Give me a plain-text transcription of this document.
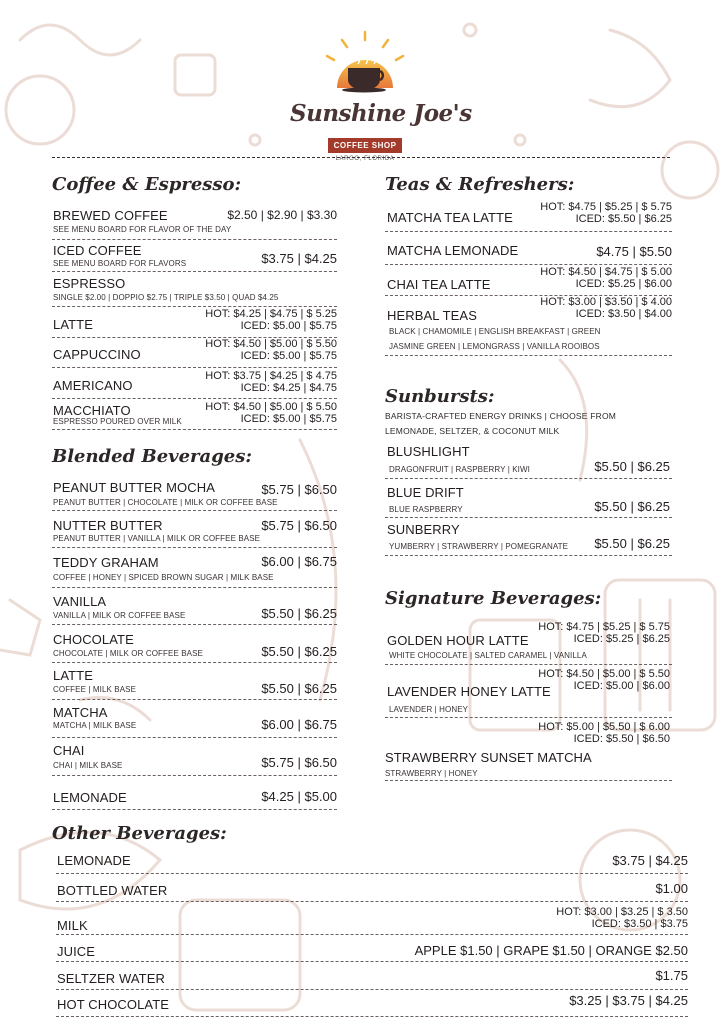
Sunshine Joe's
COFFEE SHOP
LARGO, FLORIDA
Coffee & Espresso:
BREWED COFFEE
SEE MENU BOARD FOR FLAVOR OF THE DAY
$2.50 | $2.90 | $3.30
ICED COFFEE
SEE MENU BOARD FOR FLAVORS	$3.75 | $4.25
ESPRESSO
SINGLE $2.00 | DOPPIO $2.75 | TRIPLE $3.50 | QUAD $4.25
LATTE
HOT: $4.25 | $4.75 | $ 5.25
ICED: $5.00 | $5.75
CAPPUCCINO
HOT: $4.50 | $5.00 | $ 5.50
ICED: $5.00 | $5.75
AMERICANO
HOT: $3.75 | $4.25 | $ 4.75
ICED: $4.25 | $4.75
MACCHIATO
ESPRESSO POURED OVER MILK
HOT: $4.50 | $5.00 | $ 5.50
ICED: $5.00 | $5.75
Blended Beverages:
PEANUT BUTTER MOCHA
PEANUT BUTTER | CHOCOLATE | MILK OR COFFEE BASE
$5.75 | $6.50
NUTTER BUTTER
PEANUT BUTTER | VANILLA | MILK OR COFFEE BASE
$5.75 | $6.50
TEDDY GRAHAM
COFFEE | HONEY | SPICED BROWN SUGAR | MILK BASE
$6.00 | $6.75
VANILLA
VANILLA | MILK OR COFFEE BASE	$5.50 | $6.25
CHOCOLATE
CHOCOLATE | MILK OR COFFEE BASE	$5.50 | $6.25
LATTE
COFFEE | MILK BASE	$5.50 | $6.25
MATCHA
MATCHA | MILK BASE	$6.00 | $6.75
CHAI
CHAI | MILK BASE	$5.75 | $6.50
LEMONADE	$4.25 | $5.00
Teas & Refreshers:
MATCHA TEA LATTE
HOT: $4.75 | $5.25 | $ 5.75
ICED: $5.50 | $6.25
MATCHA LEMONADE	$4.75 | $5.50
CHAI TEA LATTE
HOT: $4.50 | $4.75 | $ 5.00
ICED: $5.25 | $6.00
HERBAL TEAS
HOT: $3.00 | $3.50 | $ 4.00
ICED: $3.50 | $4.00
BLACK | CHAMOMILE | ENGLISH BREAKFAST | GREEN
JASMINE GREEN | LEMONGRASS | VANILLA ROOIBOS
Sunbursts:
BARISTA-CRAFTED ENERGY DRINKS | CHOOSE FROM
LEMONADE, SELTZER, & COCONUT MILK
BLUSHLIGHT
DRAGONFRUIT | RASPBERRY | KIWI	$5.50 | $6.25
BLUE DRIFT
BLUE RASPBERRY	$5.50 | $6.25
SUNBERRY
YUMBERRY | STRAWBERRY | POMEGRANATE $5.50 | $6.25
Signature Beverages:
GOLDEN HOUR LATTE
WHITE CHOCOLATE | SALTED CARAMEL | VANILLA
HOT: $4.75 | $5.25 | $ 5.75
ICED: $5.25 | $6.25
LAVENDER HONEY LATTE
LAVENDER | HONEY
HOT: $4.50 | $5.00 | $ 5.50
ICED: $5.00 | $6.00
STRAWBERRY SUNSET MATCHA
STRAWBERRY | HONEY
HOT: $5.00 | $5.50 | $ 6.00
ICED: $5.50 | $6.50
Other Beverages:
LEMONADE	$3.75 | $4.25
BOTTLED WATER	$1.00
MILK
HOT: $3.00 | $3.25 | $ 3.50
ICED: $3.50 | $3.75
JUICE	APPLE $1.50 | GRAPE $1.50 | ORANGE $2.50
SELTZER WATER	$1.75
HOT CHOCOLATE	$3.25 | $3.75 | $4.25
